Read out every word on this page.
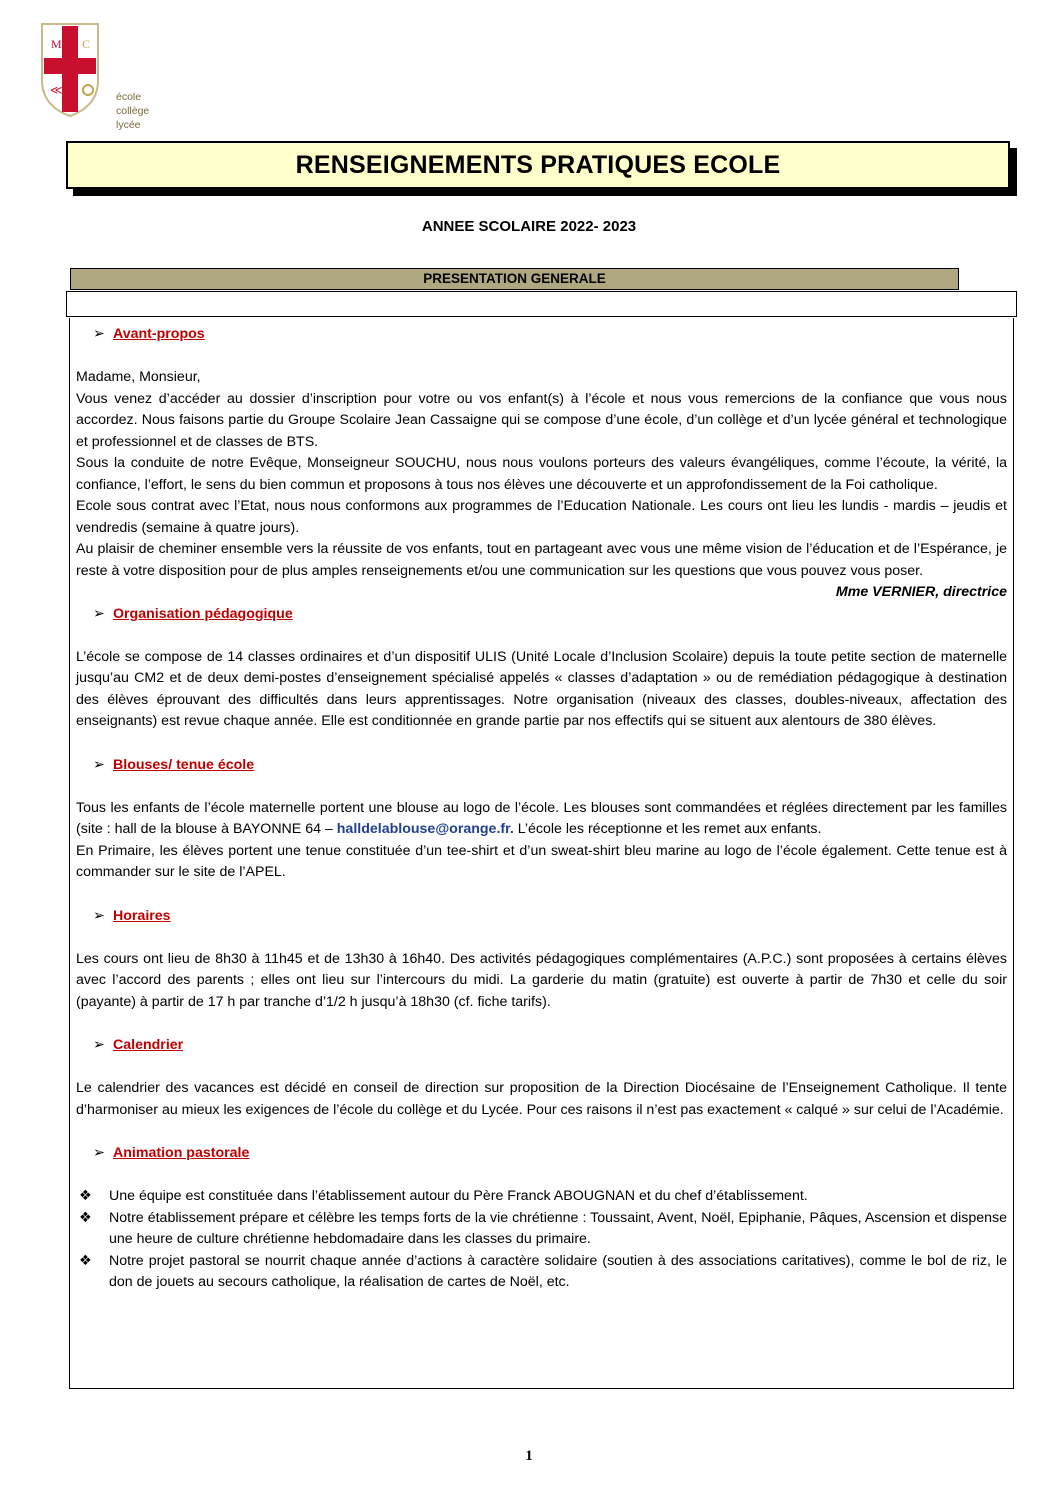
M C
≪	école
collège
lycée
RENSEIGNEMENTS PRATIQUES ECOLE
ANNEE SCOLAIRE 2022- 2023
PRESENTATION GENERALE
➢ Avant-propos

Madame, Monsieur,

Vous venez d’accéder au dossier d’inscription pour votre ou vos enfant(s) à l’école et nous vous remercions de la confiance que vous nous accordez. Nous faisons partie du Groupe Scolaire Jean Cassaigne qui se compose d’une école, d’un collège et d’un lycée général et technologique et professionnel et de classes de BTS.

Sous la conduite de notre Evêque, Monseigneur SOUCHU, nous nous voulons porteurs des valeurs évangéliques, comme l’écoute, la vérité, la confiance, l’effort, le sens du bien commun et proposons à tous nos élèves une découverte et un approfondissement de la Foi catholique.

Ecole sous contrat avec l’Etat, nous nous conformons aux programmes de l’Education Nationale. Les cours ont lieu les lundis - mardis – jeudis et vendredis (semaine à quatre jours).

Au plaisir de cheminer ensemble vers la réussite de vos enfants, tout en partageant avec vous une même vision de l’éducation et de l’Espérance, je reste à votre disposition pour de plus amples renseignements et/ou une communication sur les questions que vous pouvez vous poser.

Mme VERNIER, directrice

➢ Organisation pédagogique

L’école se compose de 14 classes ordinaires et d’un dispositif ULIS (Unité Locale d’Inclusion Scolaire) depuis la toute petite section de maternelle jusqu’au CM2 et de deux demi-postes d’enseignement spécialisé appelés « classes d’adaptation » ou de remédiation pédagogique à destination des élèves éprouvant des difficultés dans leurs apprentissages. Notre organisation (niveaux des classes, doubles-niveaux, affectation des enseignants) est revue chaque année. Elle est conditionnée en grande partie par nos effectifs qui se situent aux alentours de 380 élèves.

➢ Blouses/ tenue école

Tous les enfants de l’école maternelle portent une blouse au logo de l’école. Les blouses sont commandées et réglées directement par les familles (site : hall de la blouse à BAYONNE 64 – halldelablouse@orange.fr. L’école les réceptionne et les remet aux enfants.

En Primaire, les élèves portent une tenue constituée d’un tee-shirt et d’un sweat-shirt bleu marine au logo de l’école également. Cette tenue est à commander sur le site de l’APEL.

➢ Horaires

Les cours ont lieu de 8h30 à 11h45 et de 13h30 à 16h40. Des activités pédagogiques complémentaires (A.P.C.) sont proposées à certains élèves avec l’accord des parents ; elles ont lieu sur l’intercours du midi. La garderie du matin (gratuite) est ouverte à partir de 7h30 et celle du soir (payante) à partir de 17 h par tranche d’1/2 h jusqu’à 18h30 (cf. fiche tarifs).

➢ Calendrier

Le calendrier des vacances est décidé en conseil de direction sur proposition de la Direction Diocésaine de l’Enseignement Catholique. Il tente d’harmoniser au mieux les exigences de l’école du collège et du Lycée. Pour ces raisons il n’est pas exactement « calqué » sur celui de l’Académie.

➢ Animation pastorale
❖ Une équipe est constituée dans l’établissement autour du Père Franck ABOUGNAN et du chef d’établissement.
❖ Notre établissement prépare et célèbre les temps forts de la vie chrétienne : Toussaint, Avent, Noël, Epiphanie, Pâques, Ascension et dispense une heure de culture chrétienne hebdomadaire dans les classes du primaire.
❖ Notre projet pastoral se nourrit chaque année d’actions à caractère solidaire (soutien à des associations caritatives), comme le bol de riz, le don de jouets au secours catholique, la réalisation de cartes de Noël, etc.
1
